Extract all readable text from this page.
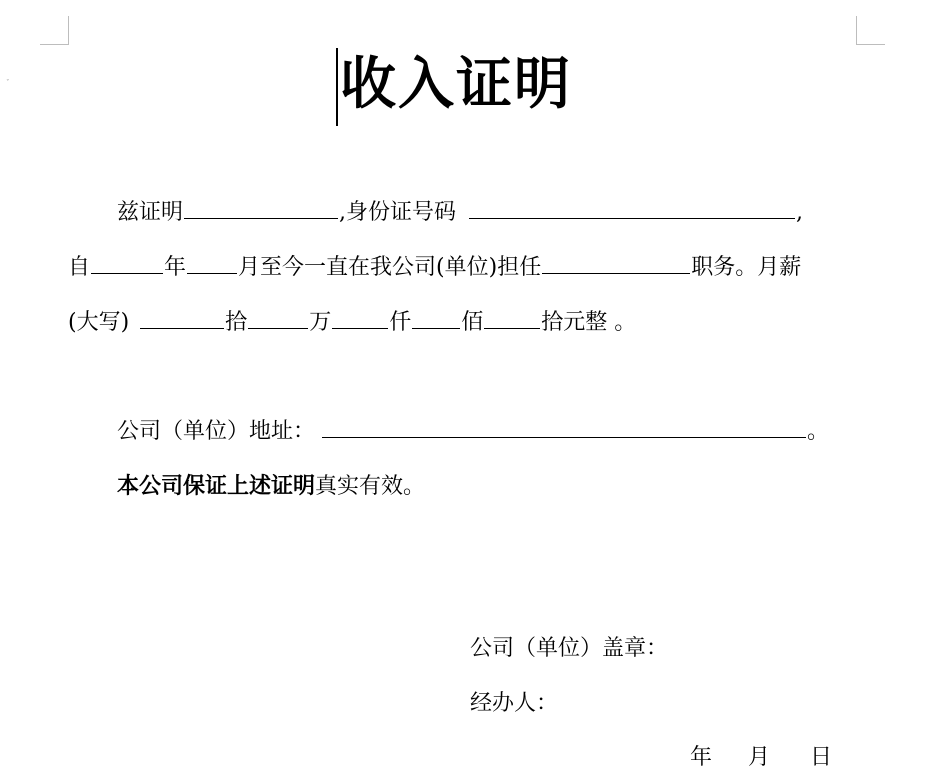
ˇ	收入证明
兹证明	,身份证号码	,
自	年 月至今一直在我公司(单位)担任	职务。月薪
(大写)	拾	万	仟 佰	拾元整 。
公司（单位）地址：	。
本公司保证上述证明真实有效。
公司（单位）盖章：
经办人：
年 月 日
